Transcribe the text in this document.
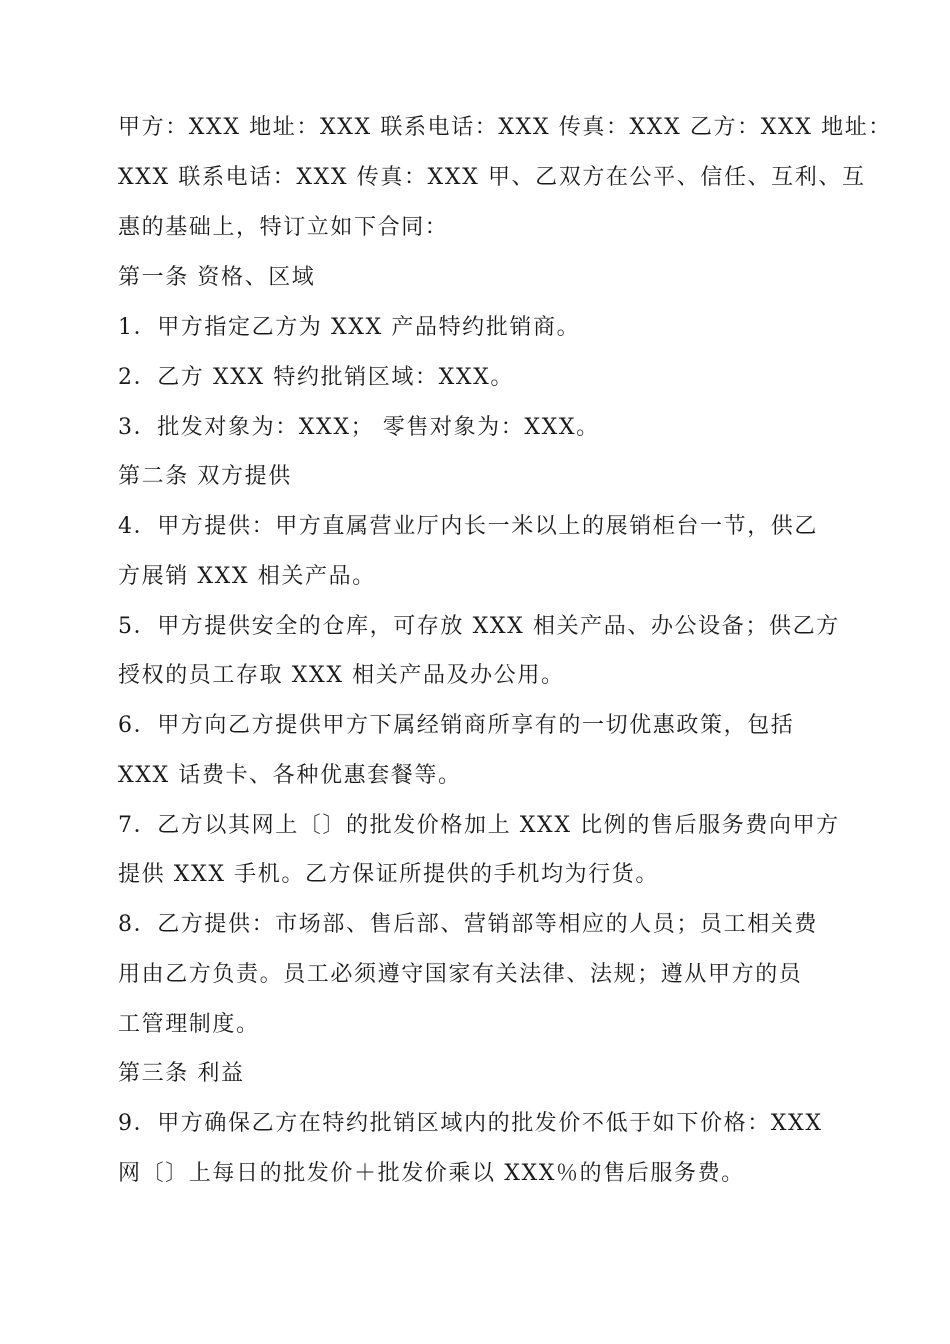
甲方：XXX 地址：XXX 联系电话：XXX 传真：XXX 乙方：XXX 地址：
XXX 联系电话：XXX 传真：XXX 甲、乙双方在公平、信任、互利、互
惠的基础上，特订立如下合同：
第一条 资格、区域
1．甲方指定乙方为 XXX 产品特约批销商。
2．乙方 XXX 特约批销区域：XXX。
3．批发对象为：XXX； 零售对象为：XXX。
第二条 双方提供
4．甲方提供：甲方直属营业厅内长一米以上的展销柜台一节，供乙
方展销 XXX 相关产品。
5．甲方提供安全的仓库，可存放 XXX 相关产品、办公设备；供乙方
授权的员工存取 XXX 相关产品及办公用。
6．甲方向乙方提供甲方下属经销商所享有的一切优惠政策，包括
XXX 话费卡、各种优惠套餐等。
7．乙方以其网上〔〕的批发价格加上 XXX 比例的售后服务费向甲方
提供 XXX 手机。乙方保证所提供的手机均为行货。
8．乙方提供：市场部、售后部、营销部等相应的人员；员工相关费
用由乙方负责。员工必须遵守国家有关法律、法规；遵从甲方的员
工管理制度。
第三条 利益
9．甲方确保乙方在特约批销区域内的批发价不低于如下价格：XXX
网〔〕上每日的批发价＋批发价乘以 XXX％的售后服务费。
